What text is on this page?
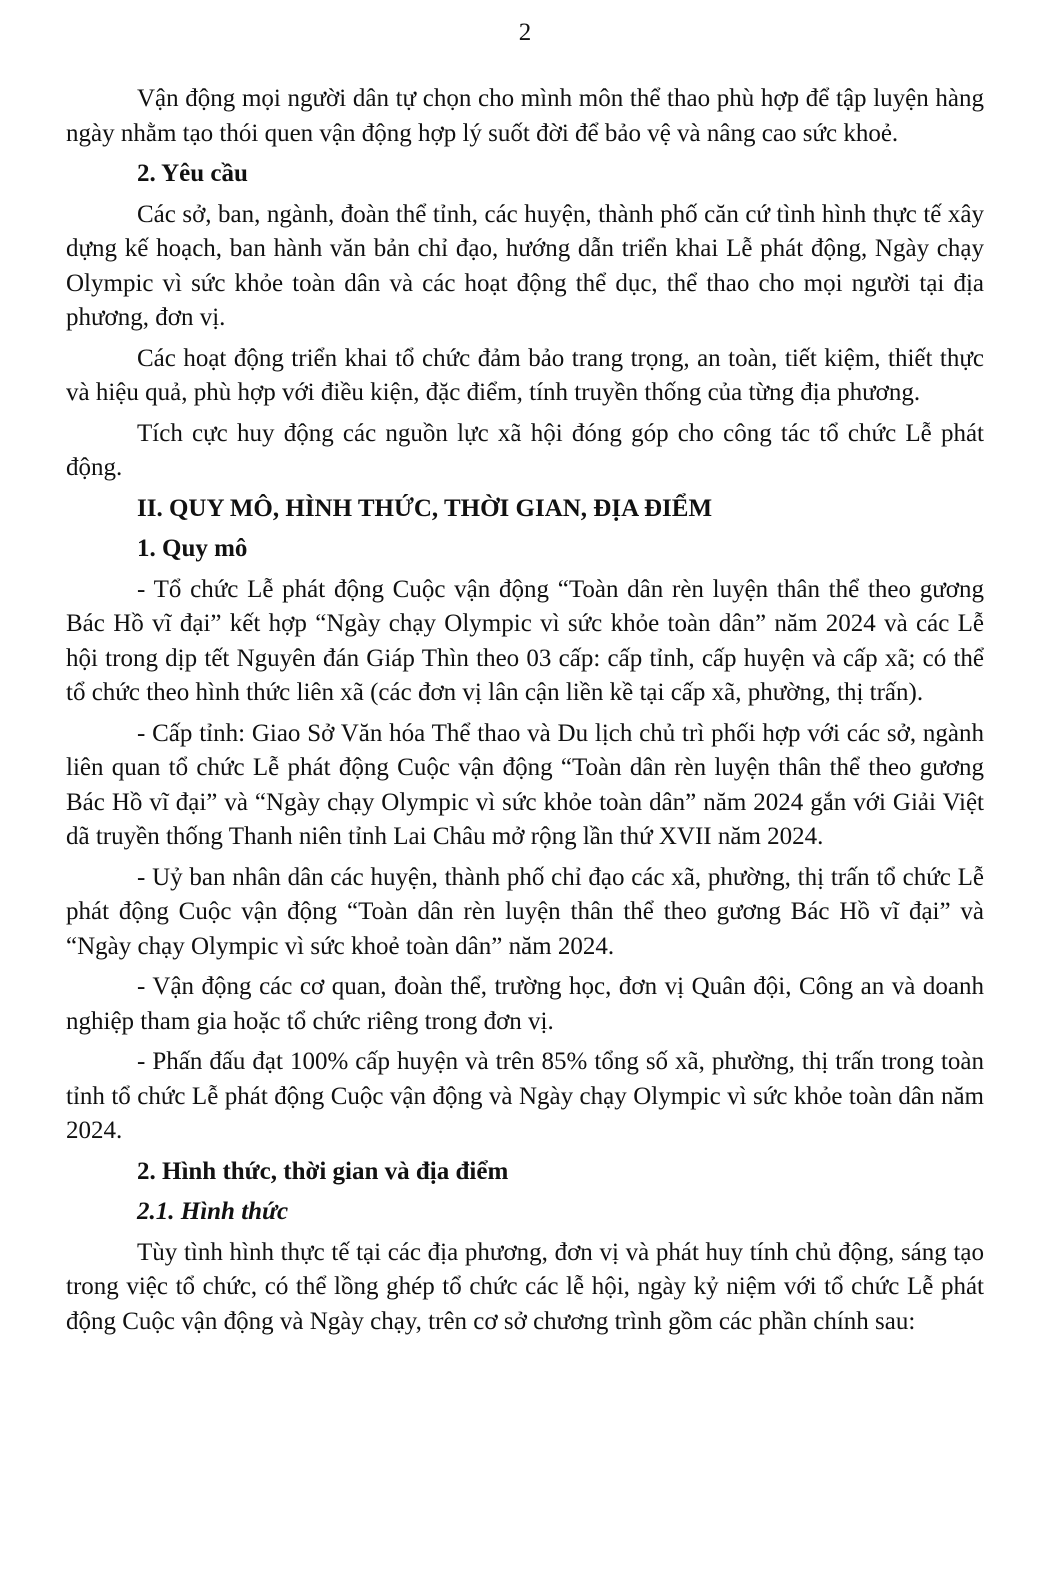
2

Vận động mọi người dân tự chọn cho mình môn thể thao phù hợp để tập luyện hàng ngày nhằm tạo thói quen vận động hợp lý suốt đời để bảo vệ và nâng cao sức khoẻ.

2. Yêu cầu

Các sở, ban, ngành, đoàn thể tỉnh, các huyện, thành phố căn cứ tình hình thực tế xây dựng kế hoạch, ban hành văn bản chỉ đạo, hướng dẫn triển khai Lễ phát động, Ngày chạy Olympic vì sức khỏe toàn dân và các hoạt động thể dục, thể thao cho mọi người tại địa phương, đơn vị.

Các hoạt động triển khai tổ chức đảm bảo trang trọng, an toàn, tiết kiệm, thiết thực và hiệu quả, phù hợp với điều kiện, đặc điểm, tính truyền thống của từng địa phương.

Tích cực huy động các nguồn lực xã hội đóng góp cho công tác tổ chức Lễ phát động.

II. QUY MÔ, HÌNH THỨC, THỜI GIAN, ĐỊA ĐIỂM

1. Quy mô

- Tổ chức Lễ phát động Cuộc vận động “Toàn dân rèn luyện thân thể theo gương Bác Hồ vĩ đại” kết hợp “Ngày chạy Olympic vì sức khỏe toàn dân” năm 2024 và các Lễ hội trong dịp tết Nguyên đán Giáp Thìn theo 03 cấp: cấp tỉnh, cấp huyện và cấp xã; có thể tổ chức theo hình thức liên xã (các đơn vị lân cận liền kề tại cấp xã, phường, thị trấn).

- Cấp tỉnh: Giao Sở Văn hóa Thể thao và Du lịch chủ trì phối hợp với các sở, ngành liên quan tổ chức Lễ phát động Cuộc vận động “Toàn dân rèn luyện thân thể theo gương Bác Hồ vĩ đại” và “Ngày chạy Olympic vì sức khỏe toàn dân” năm 2024 gắn với Giải Việt dã truyền thống Thanh niên tỉnh Lai Châu mở rộng lần thứ XVII năm 2024.

- Uỷ ban nhân dân các huyện, thành phố chỉ đạo các xã, phường, thị trấn tổ chức Lễ phát động Cuộc vận động “Toàn dân rèn luyện thân thể theo gương Bác Hồ vĩ đại” và “Ngày chạy Olympic vì sức khoẻ toàn dân” năm 2024.

- Vận động các cơ quan, đoàn thể, trường học, đơn vị Quân đội, Công an và doanh nghiệp tham gia hoặc tổ chức riêng trong đơn vị.

- Phấn đấu đạt 100% cấp huyện và trên 85% tổng số xã, phường, thị trấn trong toàn tỉnh tổ chức Lễ phát động Cuộc vận động và Ngày chạy Olympic vì sức khỏe toàn dân năm 2024.

2. Hình thức, thời gian và địa điểm

2.1. Hình thức

Tùy tình hình thực tế tại các địa phương, đơn vị và phát huy tính chủ động, sáng tạo trong việc tổ chức, có thể lồng ghép tổ chức các lễ hội, ngày kỷ niệm với tổ chức Lễ phát động Cuộc vận động và Ngày chạy, trên cơ sở chương trình gồm các phần chính sau:
